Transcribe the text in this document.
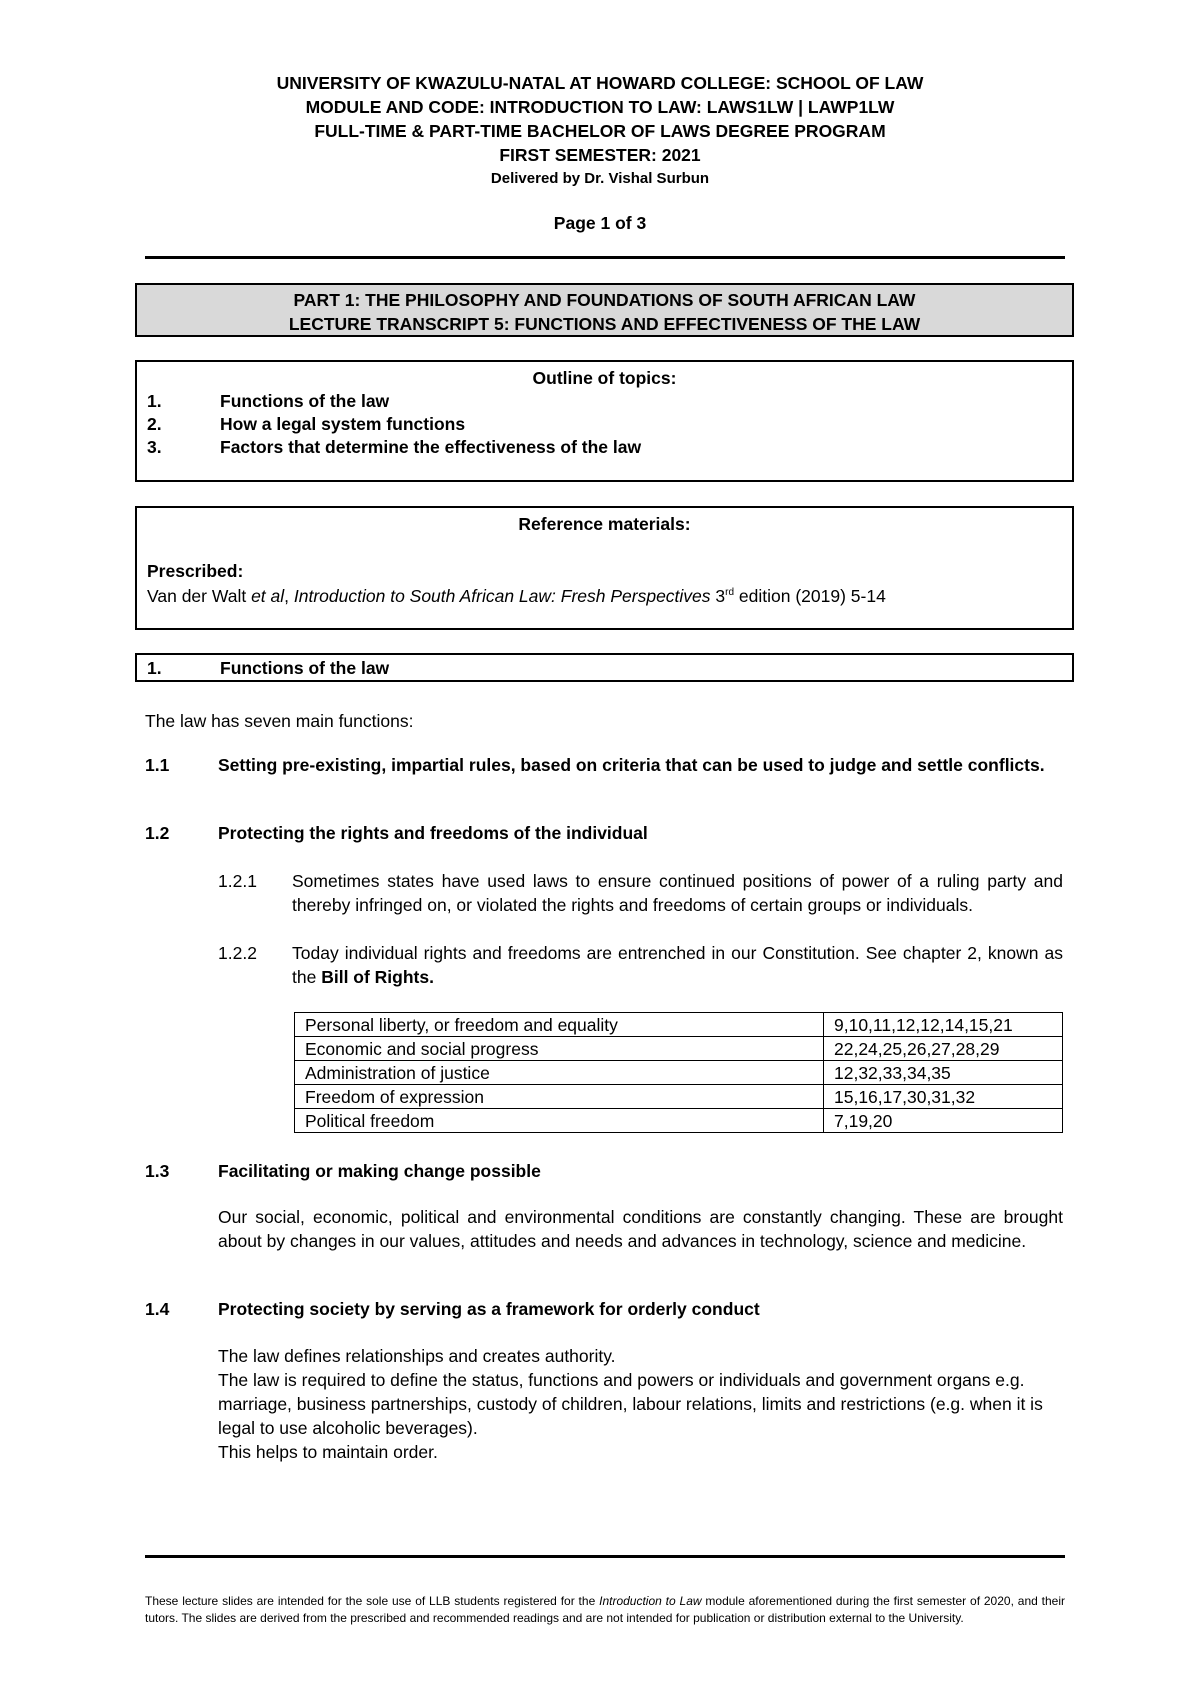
UNIVERSITY OF KWAZULU-NATAL AT HOWARD COLLEGE: SCHOOL OF LAW
MODULE AND CODE: INTRODUCTION TO LAW: LAWS1LW | LAWP1LW
FULL-TIME & PART-TIME BACHELOR OF LAWS DEGREE PROGRAM
FIRST SEMESTER: 2021
Delivered by Dr. Vishal Surbun
Page 1 of 3
PART 1: THE PHILOSOPHY AND FOUNDATIONS OF SOUTH AFRICAN LAW
LECTURE TRANSCRIPT 5: FUNCTIONS AND EFFECTIVENESS OF THE LAW
Outline of topics:
1.	Functions of the law
2.	How a legal system functions
3.	Factors that determine the effectiveness of the law
Reference materials:
Prescribed:
Van der Walt et al, Introduction to South African Law: Fresh Perspectives 3rd edition (2019) 5-14
1.	Functions of the law
The law has seven main functions:
1.1	Setting pre-existing, impartial rules, based on criteria that can be used to judge and settle conflicts.
1.2	Protecting the rights and freedoms of the individual
1.2.1 Sometimes states have used laws to ensure continued positions of power of a ruling party and thereby infringed on, or violated the rights and freedoms of certain groups or individuals.
1.2.2 Today individual rights and freedoms are entrenched in our Constitution. See chapter 2, known as the Bill of Rights.
Personal liberty, or freedom and equality	9,10,11,12,12,14,15,21
Economic and social progress	22,24,25,26,27,28,29
Administration of justice	12,32,33,34,35
Freedom of expression	15,16,17,30,31,32
Political freedom	7,19,20
1.3	Facilitating or making change possible
Our social, economic, political and environmental conditions are constantly changing. These are brought about by changes in our values, attitudes and needs and advances in technology, science and medicine.
1.4	Protecting society by serving as a framework for orderly conduct
The law defines relationships and creates authority.
The law is required to define the status, functions and powers or individuals and government organs e.g. marriage, business partnerships, custody of children, labour relations, limits and restrictions (e.g. when it is legal to use alcoholic beverages).
This helps to maintain order.
These lecture slides are intended for the sole use of LLB students registered for the Introduction to Law module aforementioned during the first semester of 2020, and their tutors. The slides are derived from the prescribed and recommended readings and are not intended for publication or distribution external to the University.
